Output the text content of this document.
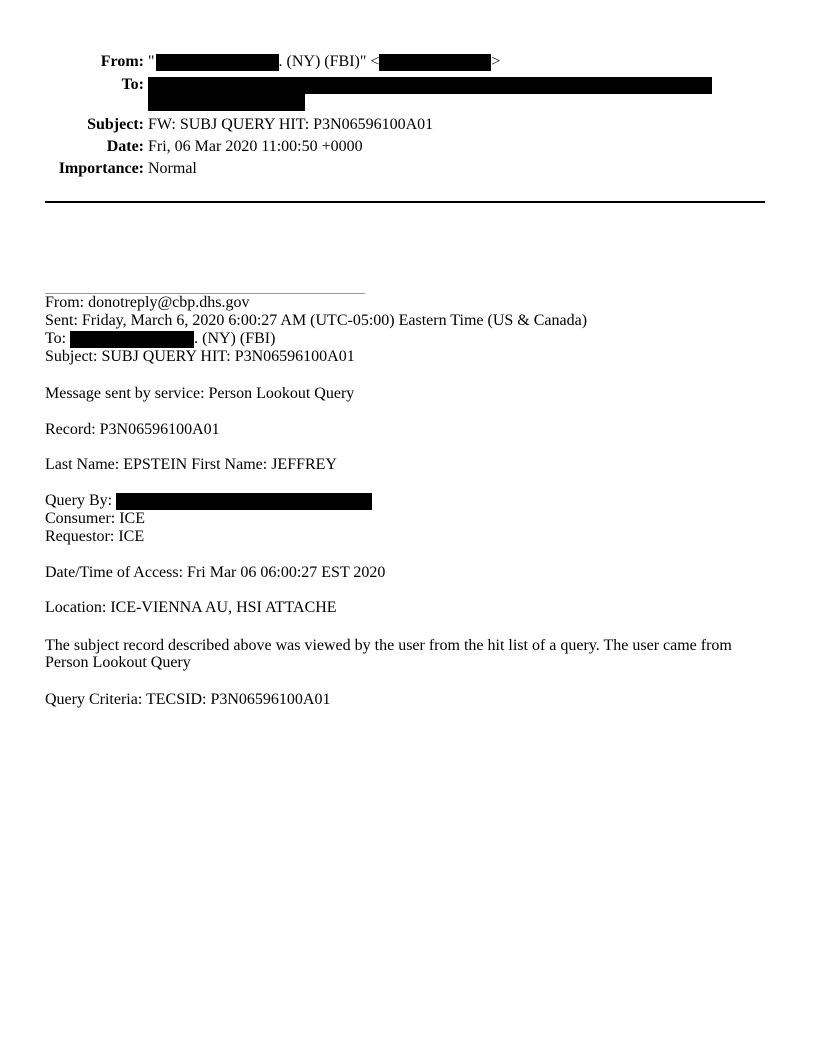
From: "	. (NY) (FBI)" <	>
To:
Subject: FW: SUBJ QUERY HIT: P3N06596100A01
Date: Fri, 06 Mar 2020 11:00:50 +0000
Importance: Normal
From: donotreply@cbp.dhs.gov
Sent: Friday, March 6, 2020 6:00:27 AM (UTC-05:00) Eastern Time (US & Canada)
To:	. (NY) (FBI)
Subject: SUBJ QUERY HIT: P3N06596100A01
Message sent by service: Person Lookout Query
Record: P3N06596100A01
Last Name: EPSTEIN First Name: JEFFREY
Query By:
Consumer: ICE
Requestor: ICE
Date/Time of Access: Fri Mar 06 06:00:27 EST 2020
Location: ICE-VIENNA AU, HSI ATTACHE
The subject record described above was viewed by the user from the hit list of a query. The user came from
Person Lookout Query
Query Criteria: TECSID: P3N06596100A01
